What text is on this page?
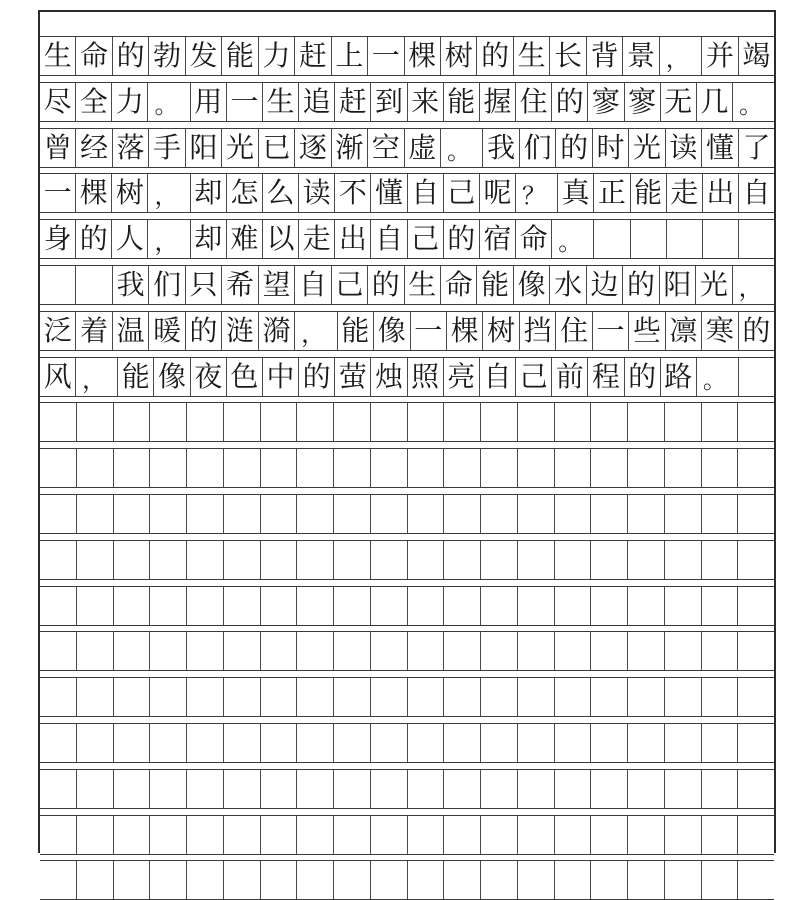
生 命 的 勃 发 能 力 赶 上 一 棵 树 的 生 长 背 景 ， 并 竭
尽 全 力 。 用 一 生 追 赶 到 来 能 握 住 的 寥 寥 无 几 。
曾 经 落 手 阳 光 已 逐 渐 空 虚 。 我 们 的 时 光 读 懂 了
一 棵 树 ， 却 怎 么 读 不 懂 自 己 呢 ？ 真 正 能 走 出 自
身 的 人 ， 却 难 以 走 出 自 己 的 宿 命 。

我 们 只 希 望 自 己 的 生 命 能 像 水 边 的 阳 光 ，
泛 着 温 暖 的 涟 漪 ， 能 像 一 棵 树 挡 住 一 些 凛 寒 的
风 ， 能 像 夜 色 中 的 萤 烛 照 亮 自 己 前 程 的 路 。
